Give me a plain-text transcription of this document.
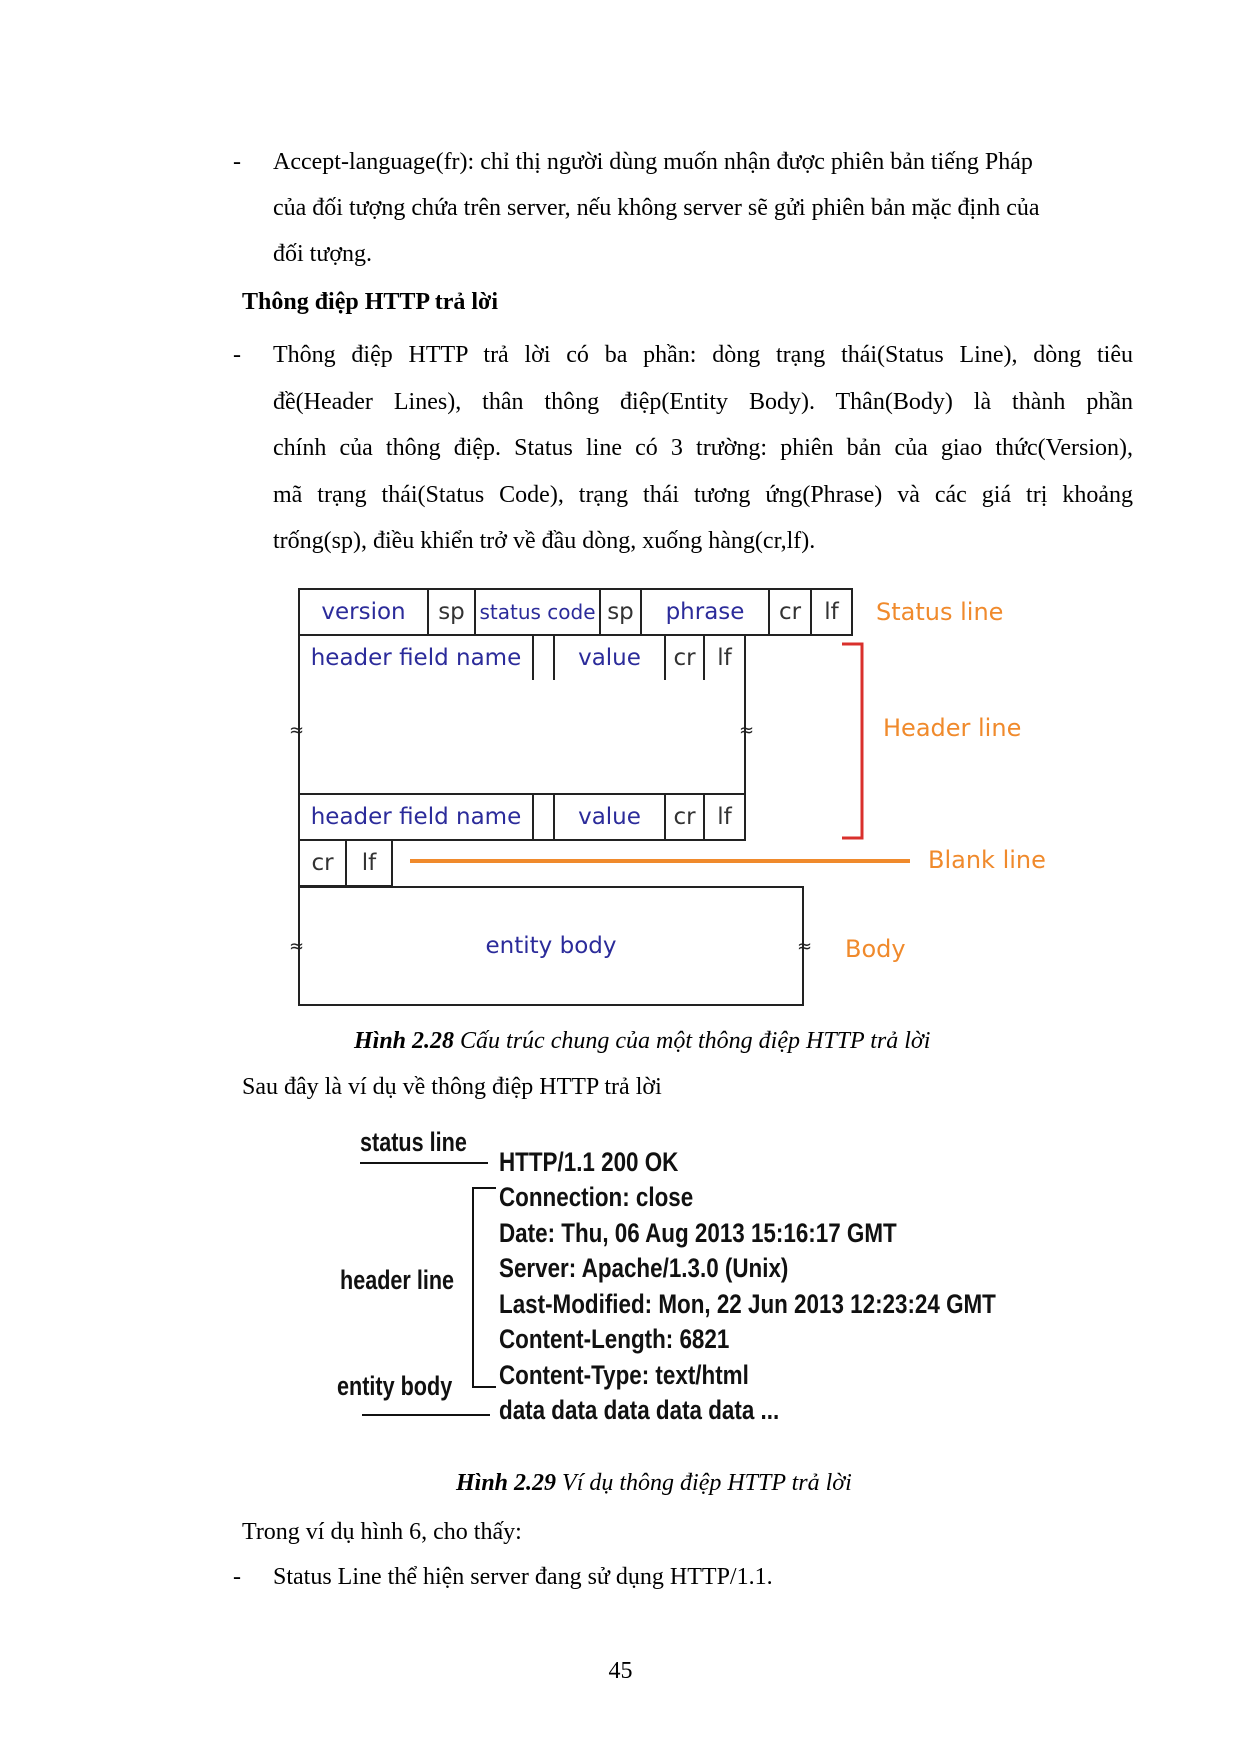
- Accept-language(fr): chỉ thị người dùng muốn nhận được phiên bản tiếng Pháp
của đối tượng chứa trên server, nếu không server sẽ gửi phiên bản mặc định của
đối tượng.
Thông điệp HTTP trả lời
- Thông điệp HTTP trả lời có ba phần: dòng trạng thái(Status Line), dòng tiêu
đề(Header Lines), thân thông điệp(Entity Body). Thân(Body) là thành phần
chính của thông điệp. Status line có 3 trường: phiên bản của giao thức(Version),
mã trạng thái(Status Code), trạng thái tương ứng(Phrase) và các giá trị khoảng
trống(sp), điều khiển trở về đầu dòng, xuống hàng(cr,lf).
version	sp status code sp	phrase	cr	lf	Status line
header field name	value	cr lf
≈	≈
header field name	value	cr lf
Header line
cr	lf	Blank line
entity body
≈	≈ Body
Hình 2.28 Cấu trúc chung của một thông điệp HTTP trả lời
Sau đây là ví dụ về thông điệp HTTP trả lời
status line
header line
entity body
HTTP/1.1 200 OK
Connection: close
Date: Thu, 06 Aug 2013 15:16:17 GMT
Server: Apache/1.3.0 (Unix)
Last-Modified: Mon, 22 Jun 2013 12:23:24 GMT
Content-Length: 6821
Content-Type: text/html
data data data data data ...
Hình 2.29 Ví dụ thông điệp HTTP trả lời
Trong ví dụ hình 6, cho thấy:
- Status Line thể hiện server đang sử dụng HTTP/1.1.
45
